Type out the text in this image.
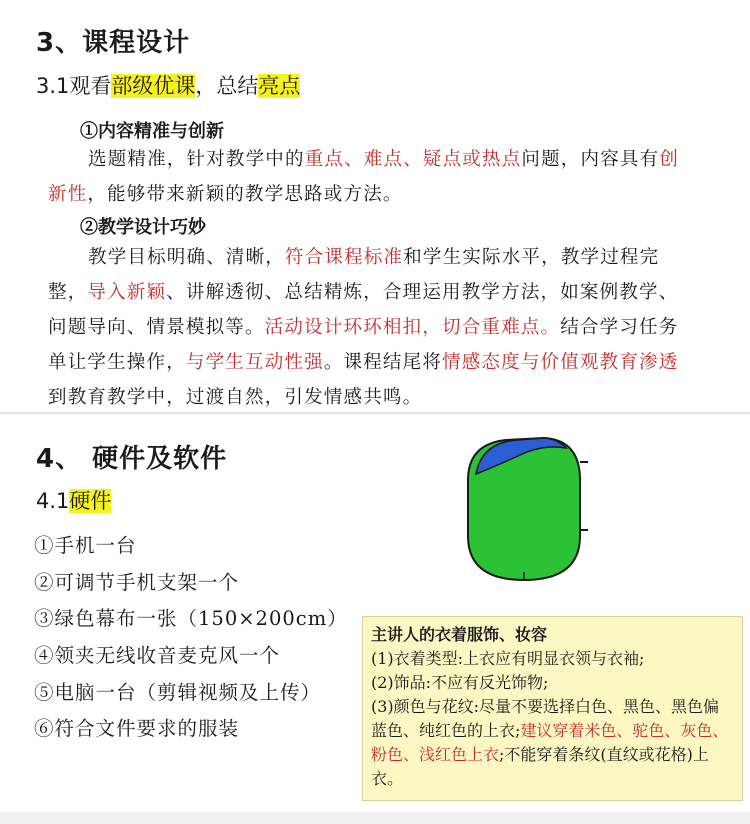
3、课程设计
3.1观看部级优课，总结亮点
①内容精准与创新
选题精准，针对教学中的重点、难点、疑点或热点问题，内容具有创新性，能够带来新颖的教学思路或方法。
②教学设计巧妙
教学目标明确、清晰，符合课程标准和学生实际水平，教学过程完整，导入新颖、讲解透彻、总结精炼，合理运用教学方法，如案例教学、问题导向、情景模拟等。活动设计环环相扣，切合重难点。结合学习任务单让学生操作，与学生互动性强。课程结尾将情感态度与价值观教育渗透到教育教学中，过渡自然，引发情感共鸣。
4、 硬件及软件
4.1硬件
①手机一台
②可调节手机支架一个
③绿色幕布一张（150×200cm）
④领夹无线收音麦克风一个
⑤电脑一台（剪辑视频及上传）
⑥符合文件要求的服装

主讲人的衣着服饰、妆容

(1)衣着类型:上衣应有明显衣领与衣袖;

(2)饰品:不应有反光饰物;

(3)颜色与花纹:尽量不要选择白色、黑色、黑色偏蓝色、纯红色的上衣;建议穿着米色、驼色、灰色、粉色、浅红色上衣;不能穿着条纹(直纹或花格)上衣。
